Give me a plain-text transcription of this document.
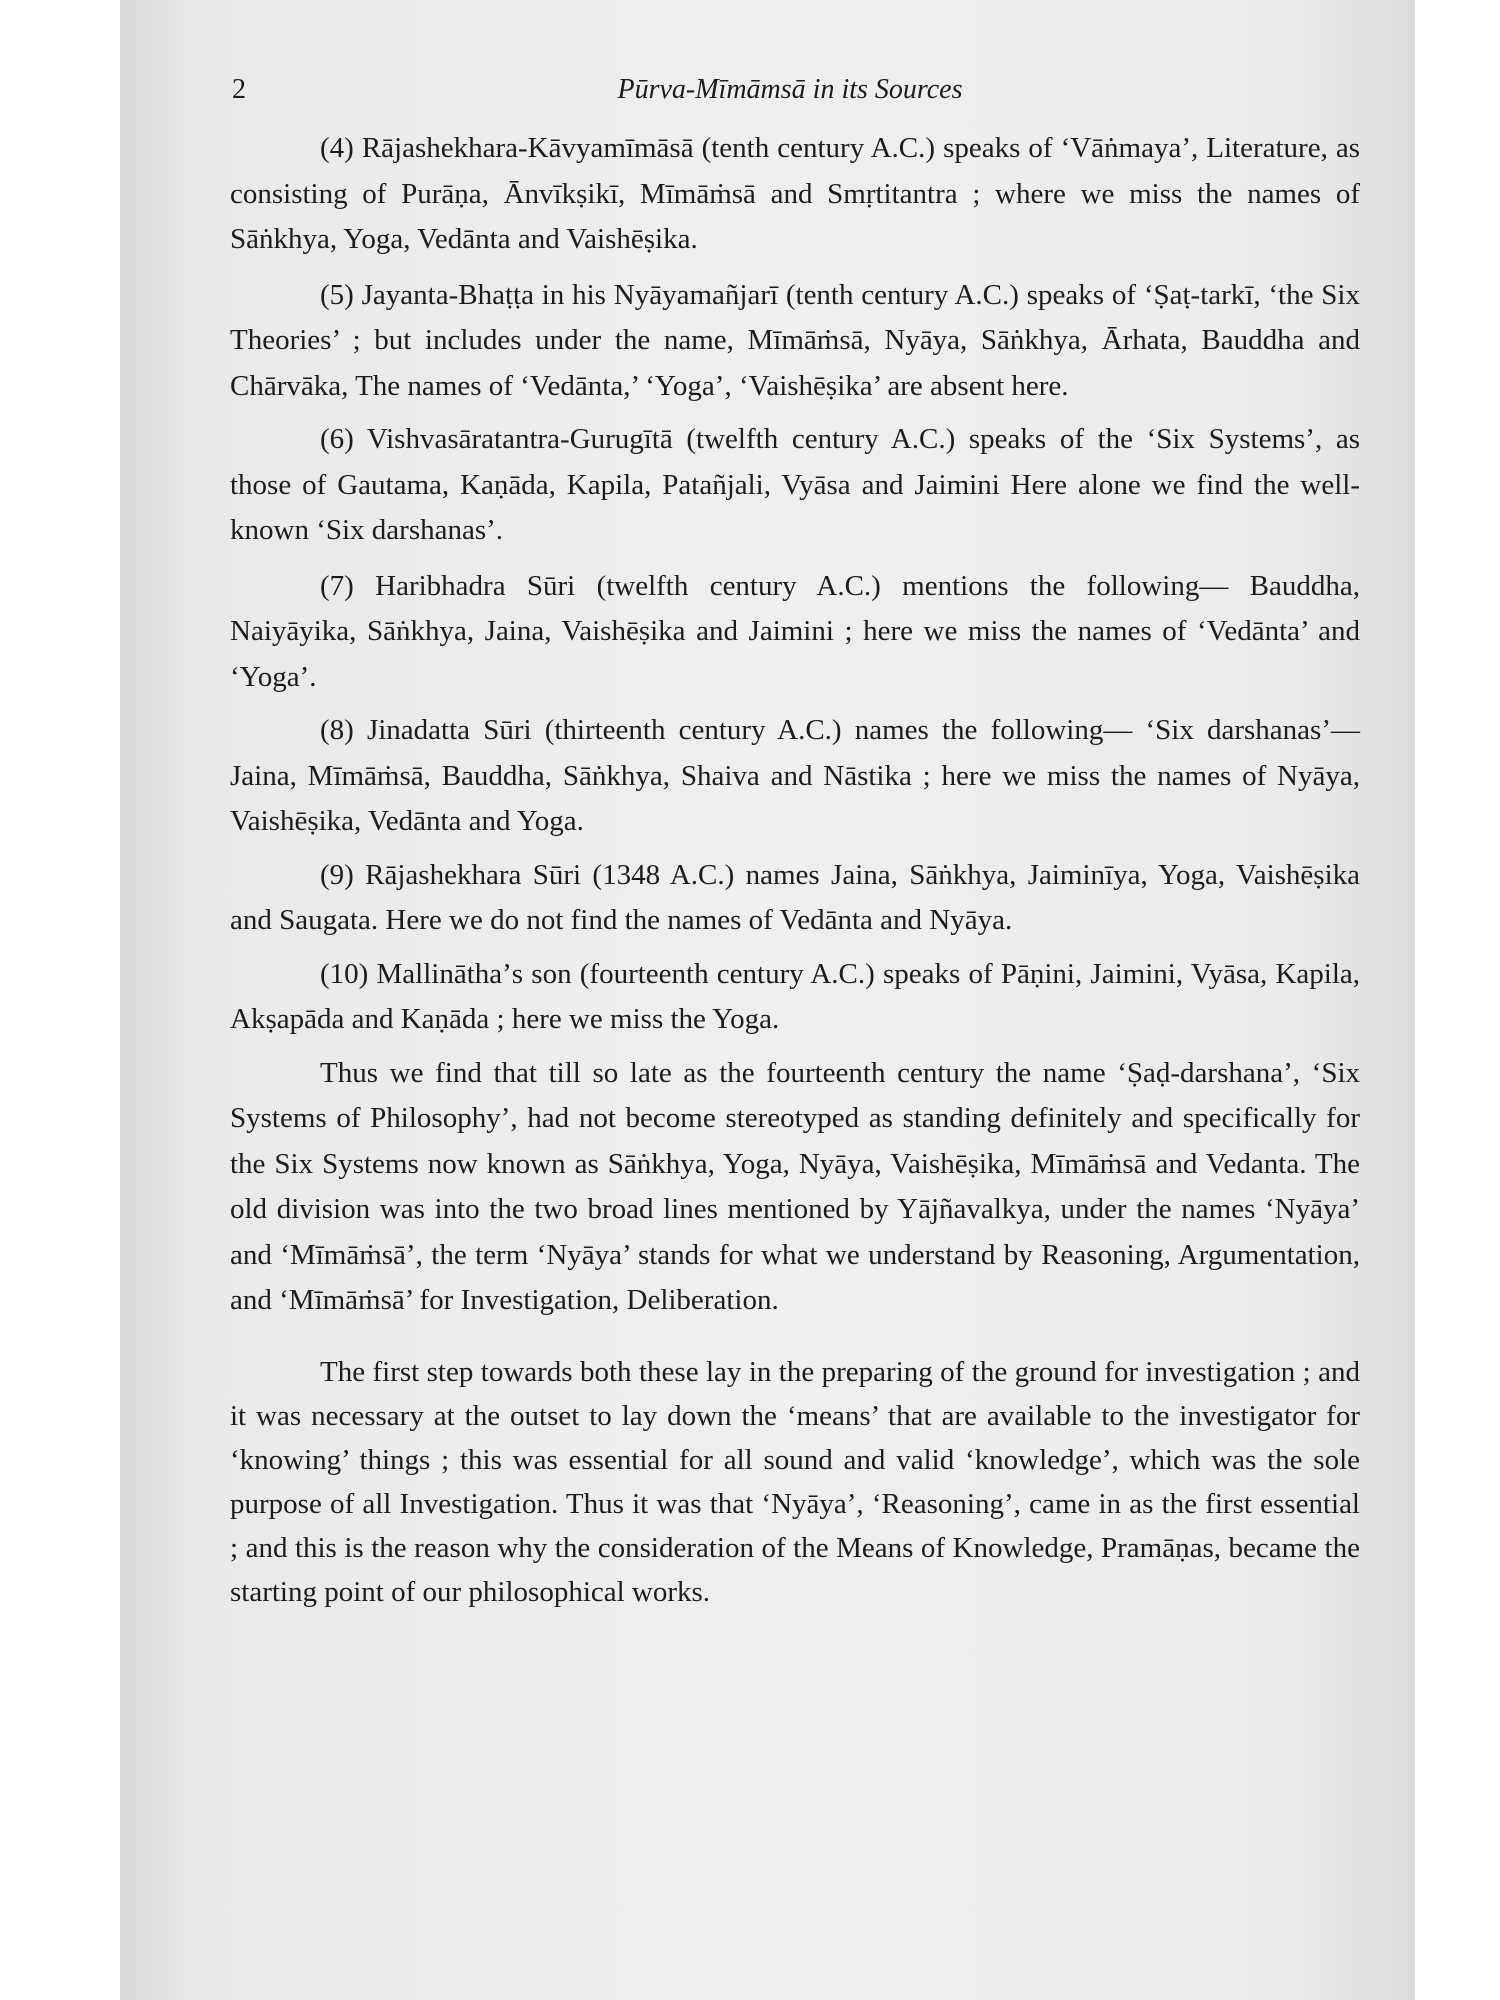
2	Pūrva-Mīmāmsā in its Sources

(4) Rājashekhara-Kāvyamīmāsā (tenth century A.C.) speaks of ‘Vāṅmaya’, Literature, as consisting of Purāṇa, Ānvīkṣikī, Mīmāṁsā and Smṛtitantra ; where we miss the names of Sāṅkhya, Yoga, Vedānta and Vaishēṣika.

(5) Jayanta-Bhaṭṭa in his Nyāyamañjarī (tenth century A.C.) speaks of ‘Ṣaṭ-tarkī, ‘the Six Theories’ ; but includes under the name, Mīmāṁsā, Nyāya, Sāṅkhya, Ārhata, Bauddha and Chārvāka, The names of ‘Vedānta,’ ‘Yoga’, ‘Vaishēṣika’ are absent here.

(6) Vishvasāratantra-Gurugītā (twelfth century A.C.) speaks of the ‘Six Systems’, as those of Gautama, Kaṇāda, Kapila, Patañjali, Vyāsa and Jaimini Here alone we find the well-known ‘Six darshanas’.

(7) Haribhadra Sūri (twelfth century A.C.) mentions the following— Bauddha, Naiyāyika, Sāṅkhya, Jaina, Vaishēṣika and Jaimini ; here we miss the names of ‘Vedānta’ and ‘Yoga’.

(8) Jinadatta Sūri (thirteenth century A.C.) names the following— ‘Six darshanas’—Jaina, Mīmāṁsā, Bauddha, Sāṅkhya, Shaiva and Nāstika ; here we miss the names of Nyāya, Vaishēṣika, Vedānta and Yoga.

(9) Rājashekhara Sūri (1348 A.C.) names Jaina, Sāṅkhya, Jaiminīya, Yoga, Vaishēṣika and Saugata. Here we do not find the names of Vedānta and Nyāya.

(10) Mallināthaʼs son (fourteenth century A.C.) speaks of Pāṇini, Jaimini, Vyāsa, Kapila, Akṣapāda and Kaṇāda ; here we miss the Yoga.

Thus we find that till so late as the fourteenth century the name ‘Ṣaḍ-darshana’, ‘Six Systems of Philosophy’, had not become stereotyped as standing definitely and specifically for the Six Systems now known as Sāṅkhya, Yoga, Nyāya, Vaishēṣika, Mīmāṁsā and Vedanta. The old division was into the two broad lines mentioned by Yājñavalkya, under the names ‘Nyāya’ and ‘Mīmāṁsā’, the term ‘Nyāya’ stands for what we understand by Reasoning, Argumentation, and ‘Mīmāṁsā’ for Investigation, Deliberation.

The first step towards both these lay in the preparing of the ground for investigation ; and it was necessary at the outset to lay down the ‘means’ that are available to the investigator for ‘knowing’ things ; this was essential for all sound and valid ‘knowledge’, which was the sole purpose of all Investigation. Thus it was that ‘Nyāya’, ‘Reasoning’, came in as the first essential ; and this is the reason why the consideration of the Means of Knowledge, Pramāṇas, became the starting point of our philosophical works.
